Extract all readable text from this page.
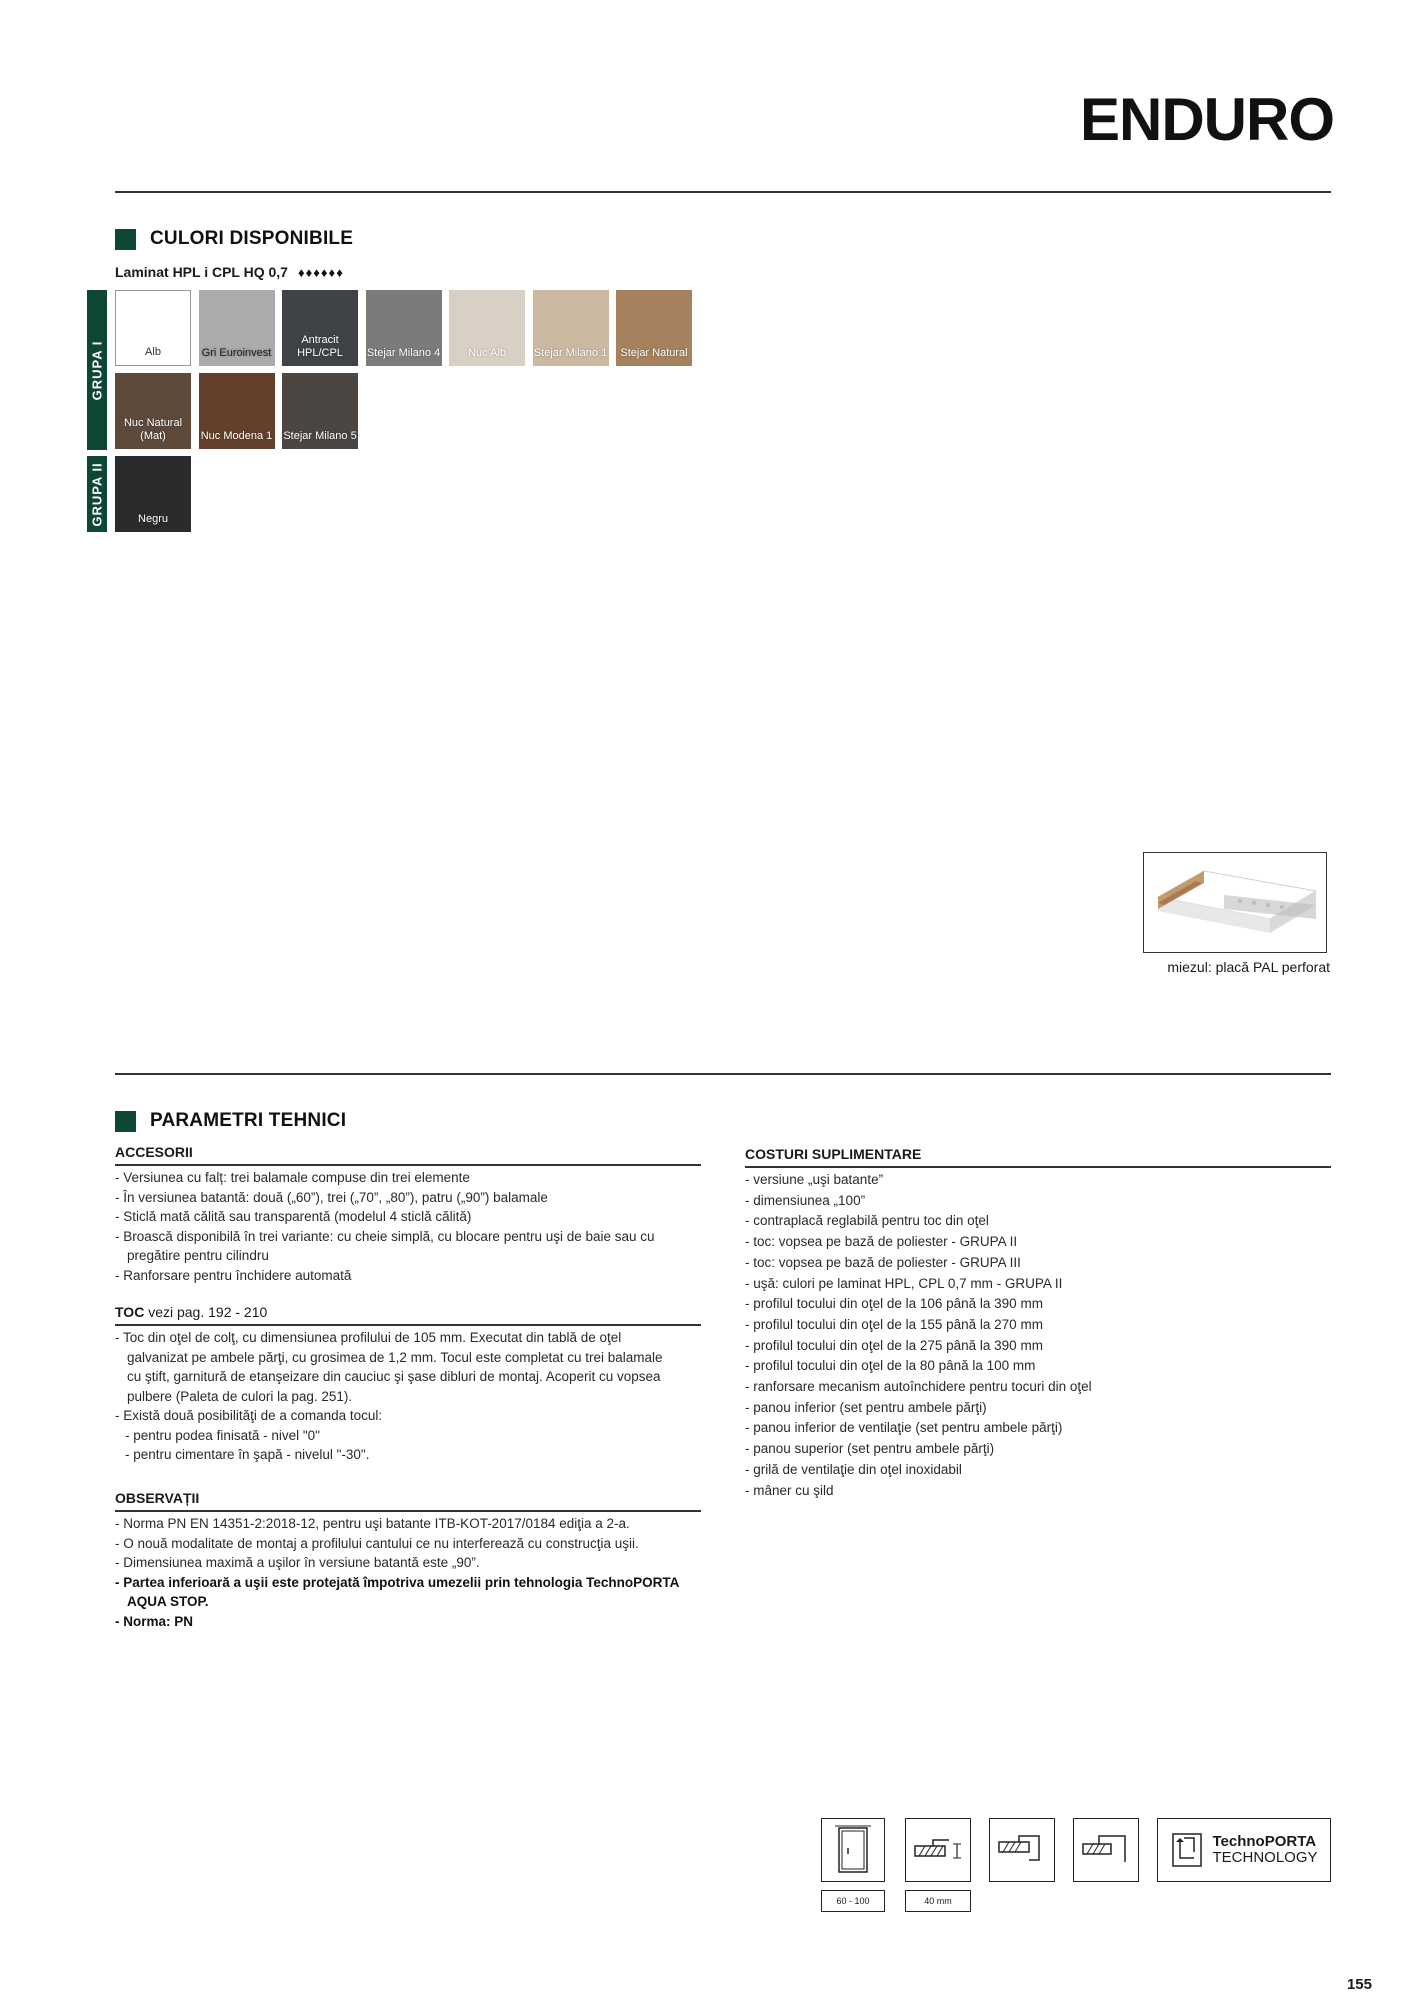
ENDURO
CULORI DISPONIBILE
Laminat HPL i CPL HQ 0,7 ♦ ♦ ♦ ♦ ♦ ♦
GRUPA I
GRUPA II
Alb	Gri Euroinvest
Antracit HPL/CPL	Stejar Milano 4	Nuc Alb	Stejar Milano 1 Stejar Natural
Nuc Natural (Mat)	Nuc Modena 1 Stejar Milano 5
Negru
miezul: placă PAL perforat
PARAMETRI TEHNICI
ACCESORII
- Versiunea cu falț: trei balamale compuse din trei elemente
- În versiunea batantă: două („60”), trei („70”, „80”), patru („90”) balamale
- Sticlă mată călită sau transparentă (modelul 4 sticlă călită)
- Broască disponibilă în trei variante: cu cheie simplă, cu blocare pentru uşi de baie sau cu pregătire pentru cilindru
- Ranforsare pentru închidere automată
TOC vezi pag. 192 - 210
- Toc din oţel de colţ, cu dimensiunea profilului de 105 mm. Executat din tablă de oţel galvanizat pe ambele părţi, cu grosimea de 1,2 mm. Tocul este completat cu trei balamale cu ştift, garnitură de etanşeizare din cauciuc şi şase dibluri de montaj. Acoperit cu vopsea pulbere (Paleta de culori la pag. 251).
- Există două posibilităţi de a comanda tocul:
- pentru podea finisată - nivel "0"
- pentru cimentare în şapă - nivelul "-30".
OBSERVAȚII
- Norma PN EN 14351-2:2018-12, pentru uşi batante ITB-KOT-2017/0184 ediţia a 2-a.
- O nouă modalitate de montaj a profilului cantului ce nu interferează cu construcţia uşii.
- Dimensiunea maximă a uşilor în versiune batantă este „90”.
- Partea inferioară a uşii este protejată împotriva umezelii prin tehnologia TechnoPORTA AQUA STOP.
- Norma: PN
COSTURI SUPLIMENTARE
- versiune „uşi batante”
- dimensiunea „100”
- contraplacă reglabilă pentru toc din oţel
- toc: vopsea pe bază de poliester - GRUPA II
- toc: vopsea pe bază de poliester - GRUPA III
- uşă: culori pe laminat HPL, CPL 0,7 mm - GRUPA II
- profilul tocului din oţel de la 106 până la 390 mm
- profilul tocului din oţel de la 155 până la 270 mm
- profilul tocului din oţel de la 275 până la 390 mm
- profilul tocului din oţel de la 80 până la 100 mm
- ranforsare mecanism autoînchidere pentru tocuri din oţel
- panou inferior (set pentru ambele părţi)
- panou inferior de ventilaţie (set pentru ambele părţi)
- panou superior (set pentru ambele părţi)
- grilă de ventilaţie din oţel inoxidabil
- mâner cu şild
60 - 100	40 mm
TechnoPORTA
TECHNOLOGY
155
